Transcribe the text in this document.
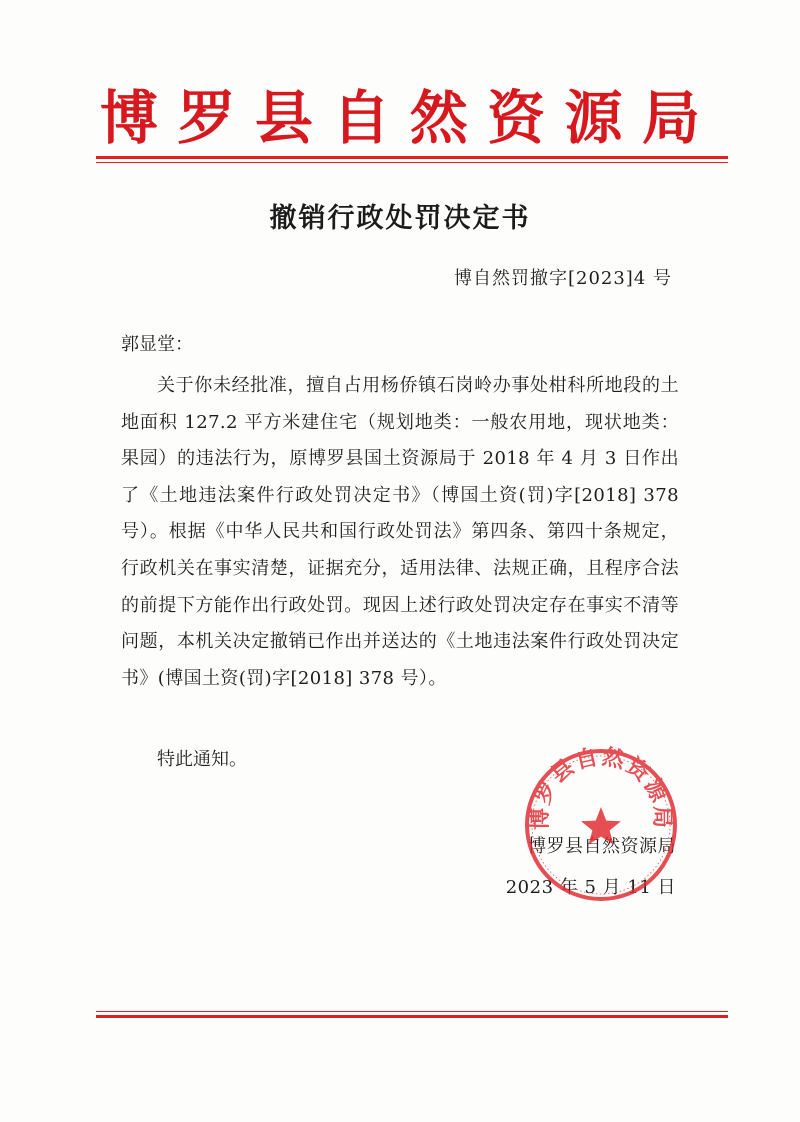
博 罗 县 自 然 资 源 局
撤销行政处罚决定书
博自然罚撤字[2023]4 号
郭显堂：
关于你未经批准，擅自占用杨侨镇石岗岭办事处柑科所地段的土地面积 127.2 平方米建住宅（规划地类：一般农用地，现状地类：果园）的违法行为，原博罗县国土资源局于 2018 年 4 月 3 日作出了《土地违法案件行政处罚决定书》（博国土资(罚)字[2018] 378 号）。根据《中华人民共和国行政处罚法》第四条、第四十条规定，行政机关在事实清楚，证据充分，适用法律、法规正确，且程序合法的前提下方能作出行政处罚。现因上述行政处罚决定存在事实不清等问题，本机关决定撤销已作出并送达的《土地违法案件行政处罚决定书》(博国土资(罚)字[2018] 378 号）。
特此通知。
博罗县自然资源局
博罗县自然资源局
2023 年 5 月 11 日
